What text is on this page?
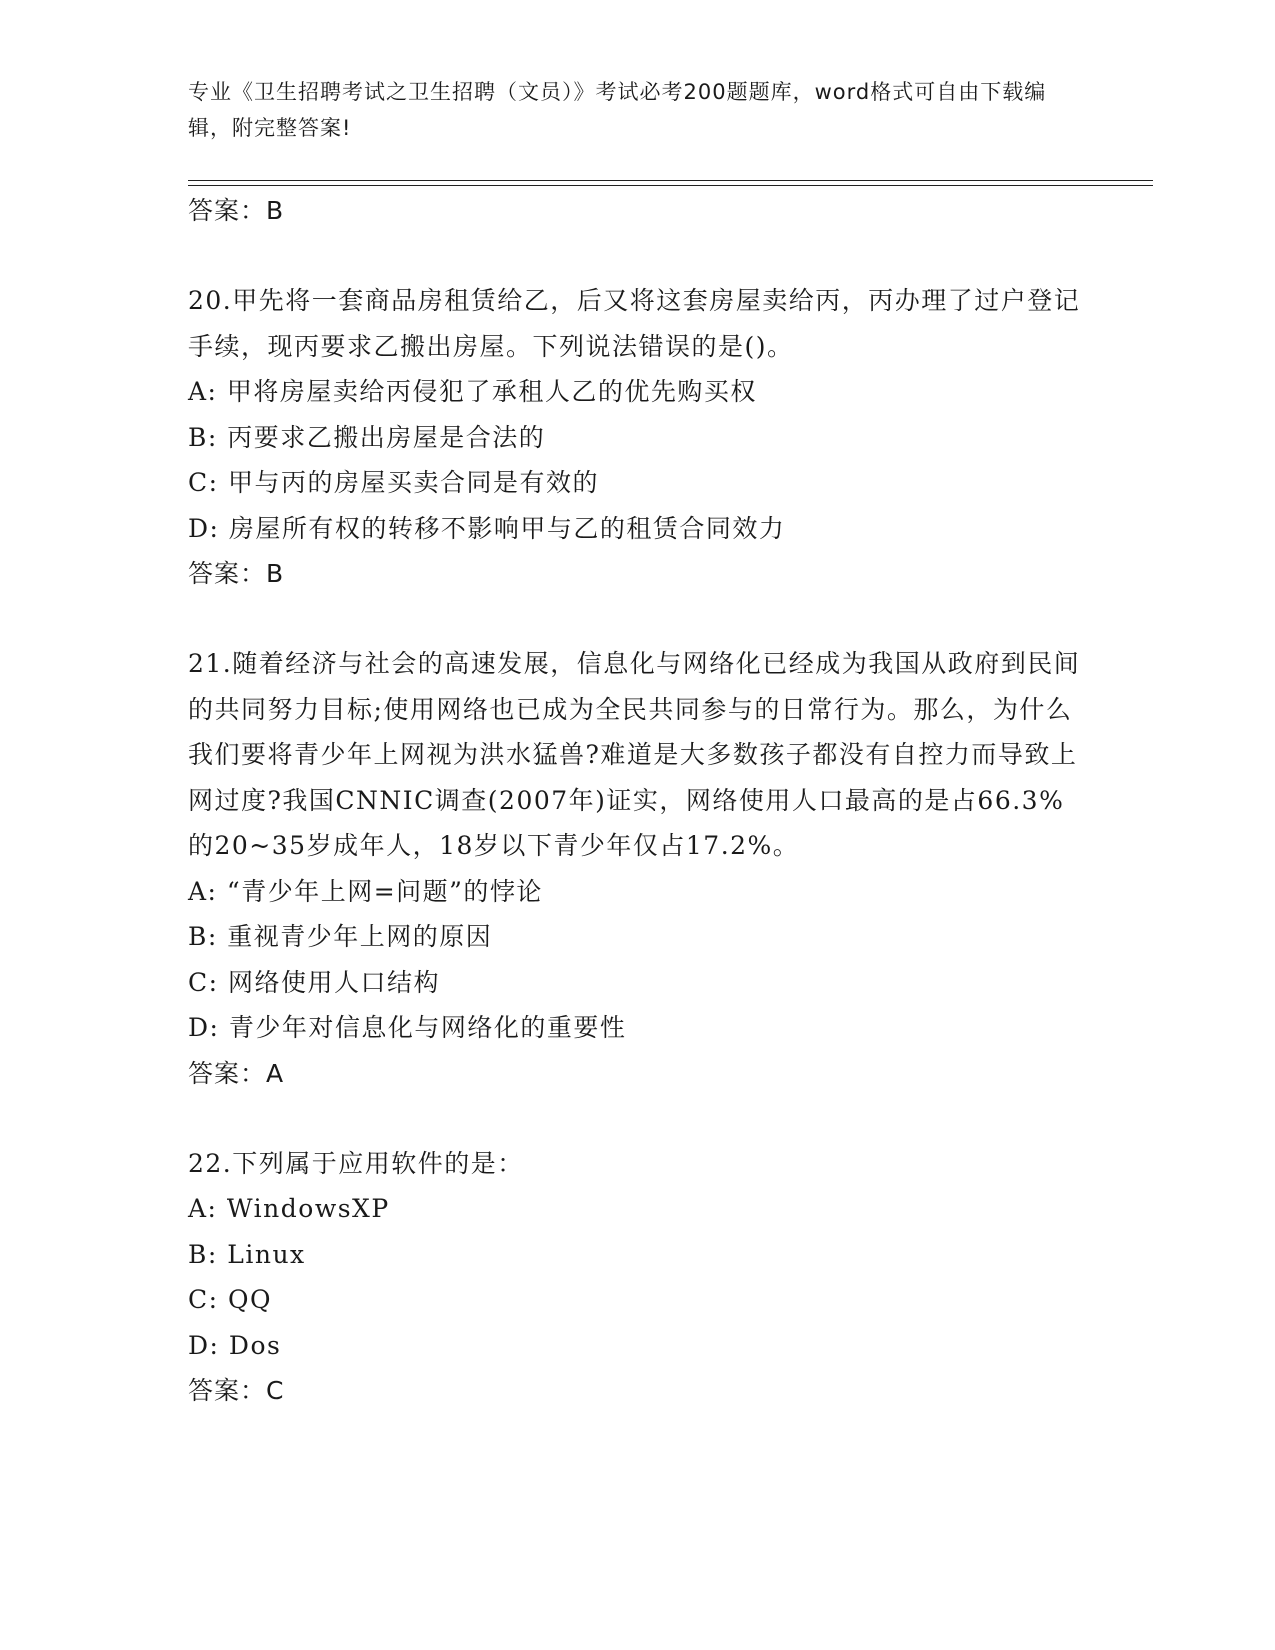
专业《卫生招聘考试之卫生招聘（文员）》考试必考200题题库，word格式可自由下载编辑，附完整答案!
答案：B
20.甲先将一套商品房租赁给乙，后又将这套房屋卖给丙，丙办理了过户登记手续，现丙要求乙搬出房屋。下列说法错误的是()。
A: 甲将房屋卖给丙侵犯了承租人乙的优先购买权
B: 丙要求乙搬出房屋是合法的
C: 甲与丙的房屋买卖合同是有效的
D: 房屋所有权的转移不影响甲与乙的租赁合同效力
答案：B
21.随着经济与社会的高速发展，信息化与网络化已经成为我国从政府到民间的共同努力目标;使用网络也已成为全民共同参与的日常行为。那么，为什么我们要将青少年上网视为洪水猛兽?难道是大多数孩子都没有自控力而导致上网过度?我国CNNIC调查(2007年)证实，网络使用人口最高的是占66.3%的20~35岁成年人，18岁以下青少年仅占17.2%。
A: “青少年上网=问题”的悖论
B: 重视青少年上网的原因
C: 网络使用人口结构
D: 青少年对信息化与网络化的重要性
答案：A
22.下列属于应用软件的是：
A: WindowsXP
B: Linux
C: QQ
D: Dos
答案：C
